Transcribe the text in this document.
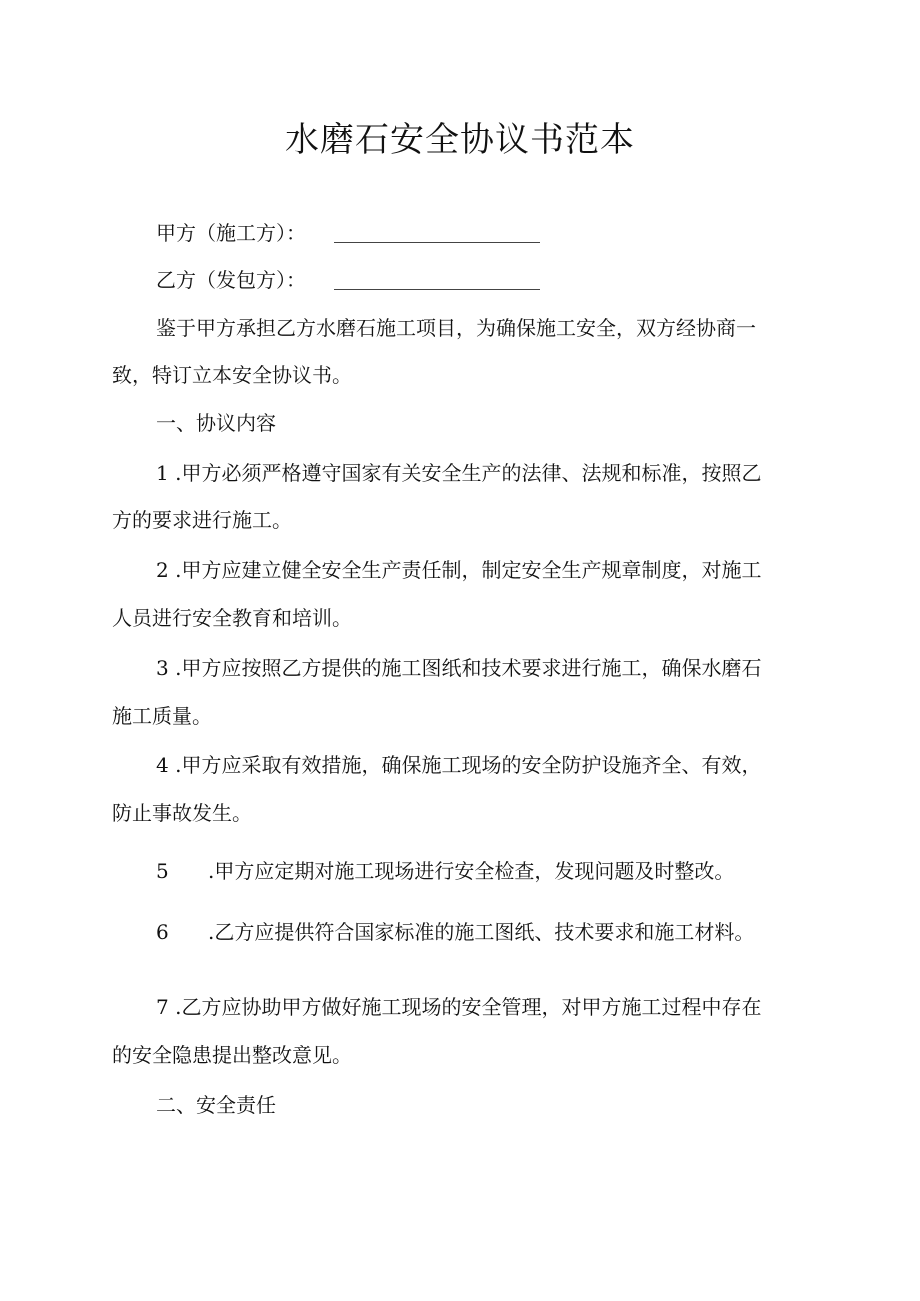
水磨石安全协议书范本
甲方（施工方）：
乙方（发包方）：
鉴于甲方承担乙方水磨石施工项目，为确保施工安全，双方经协商一
致，特订立本安全协议书。
一、协议内容
1 .甲方必须严格遵守国家有关安全生产的法律、法规和标准，按照乙
方的要求进行施工。
2 .甲方应建立健全安全生产责任制，制定安全生产规章制度，对施工
人员进行安全教育和培训。
3 .甲方应按照乙方提供的施工图纸和技术要求进行施工，确保水磨石
施工质量。
4 .甲方应采取有效措施，确保施工现场的安全防护设施齐全、有效，
防止事故发生。
5 .甲方应定期对施工现场进行安全检查，发现问题及时整改。
6 .乙方应提供符合国家标准的施工图纸、技术要求和施工材料。
7 .乙方应协助甲方做好施工现场的安全管理，对甲方施工过程中存在
的安全隐患提出整改意见。
二、安全责任
